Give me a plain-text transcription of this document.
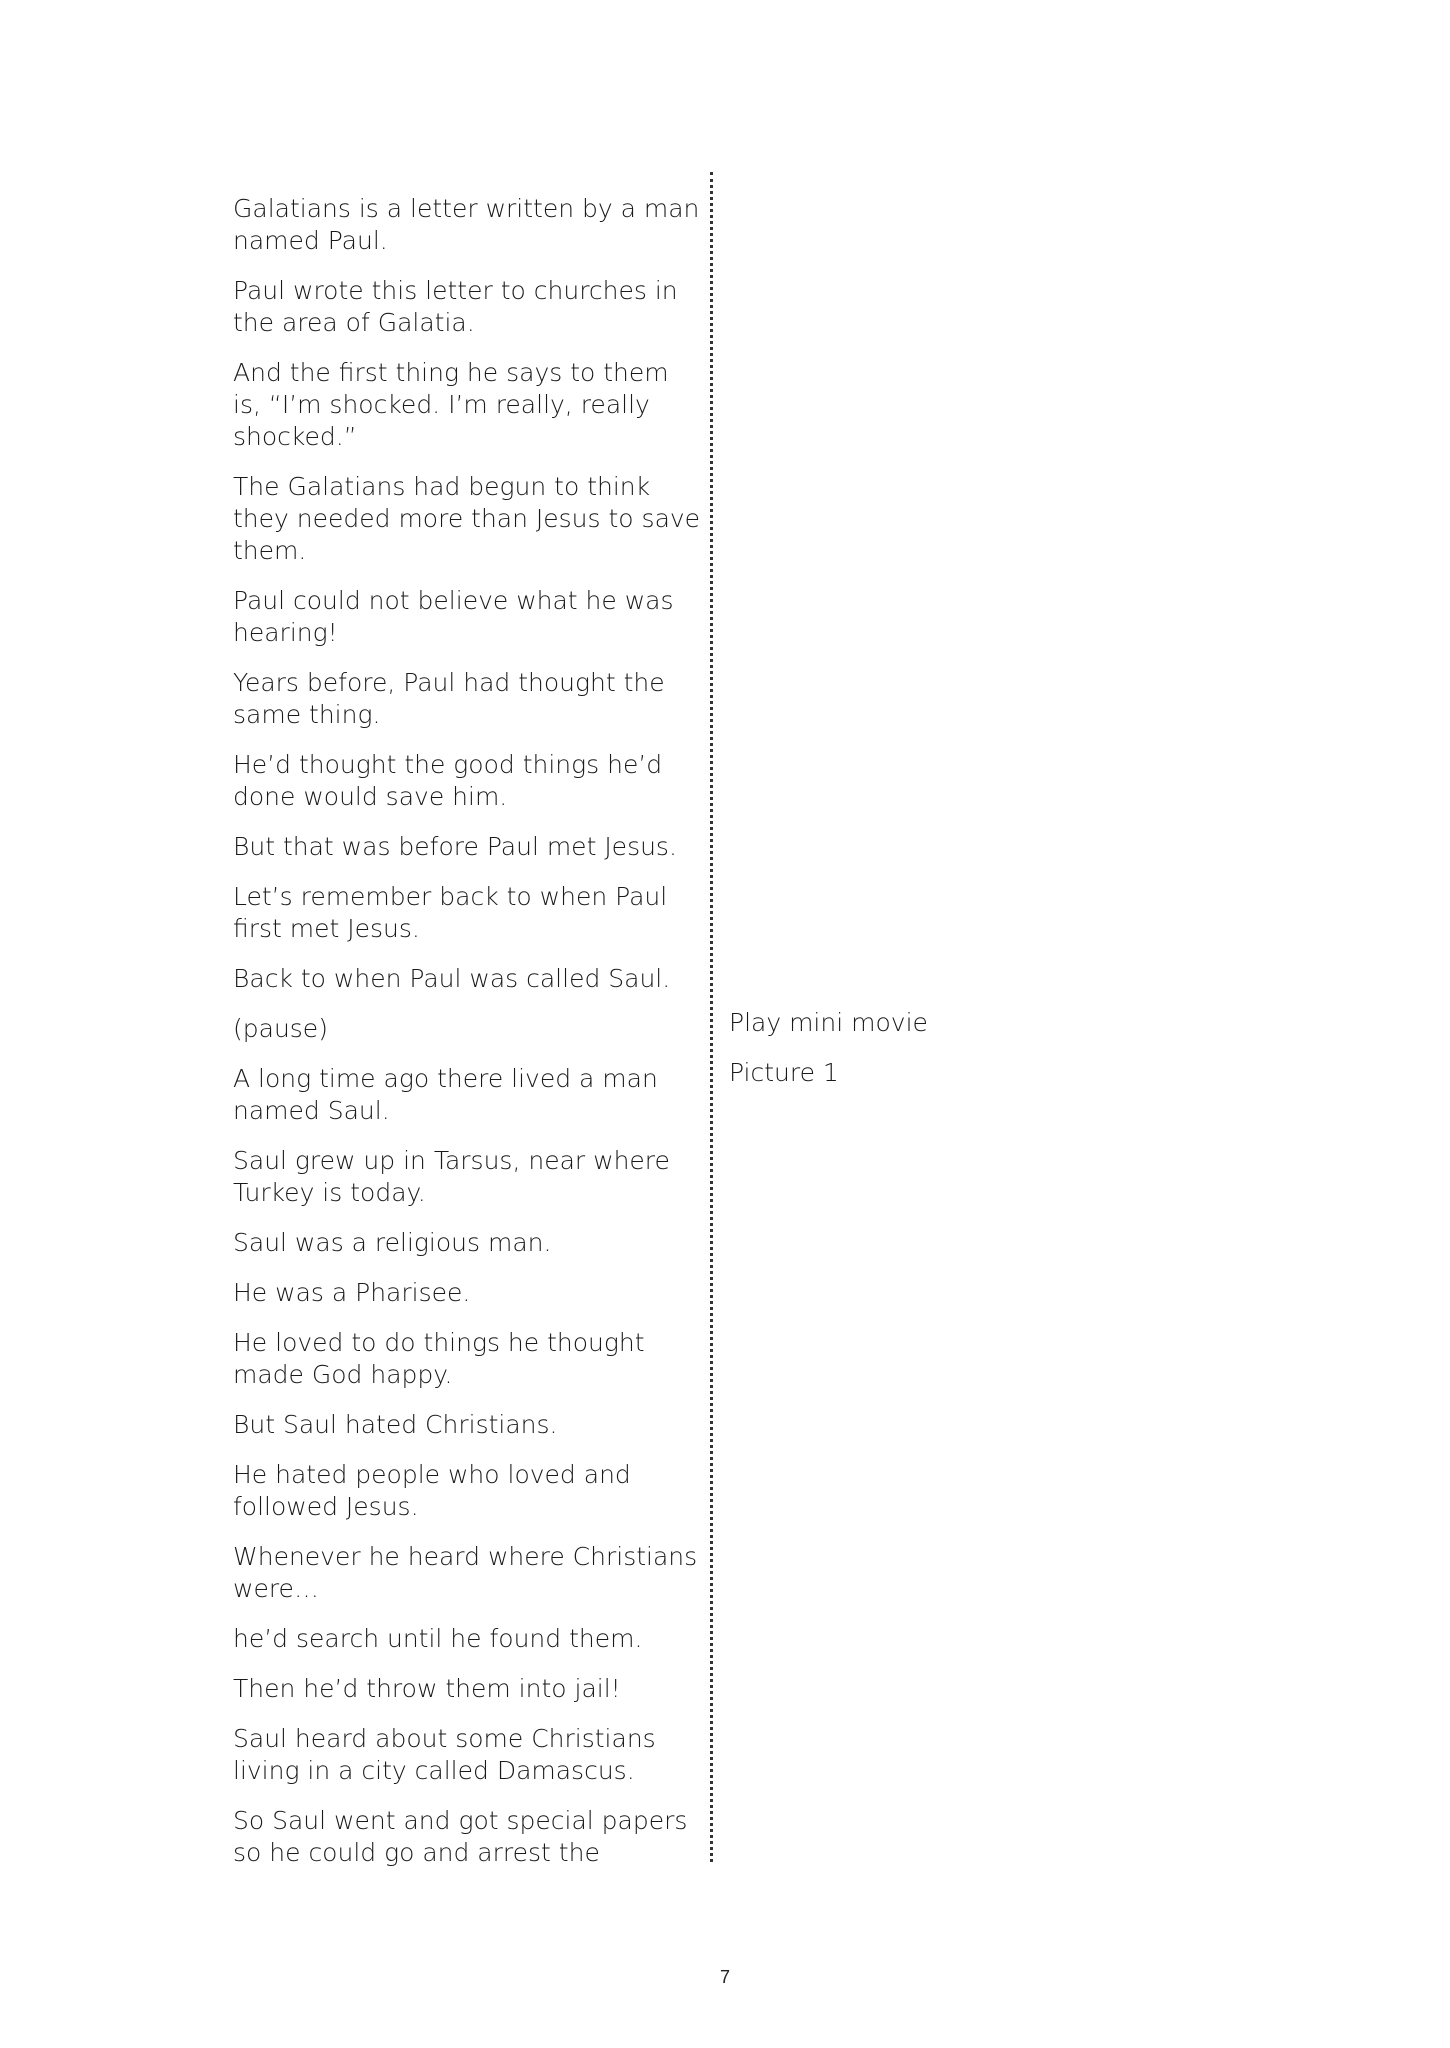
Galatians is a letter written by a man named Paul.

Paul wrote this letter to churches in the area of Galatia.

And the first thing he says to them is, “I’m shocked. I’m really, really shocked.”

The Galatians had begun to think they needed more than Jesus to save them.

Paul could not believe what he was hearing!

Years before, Paul had thought the same thing.

He’d thought the good things he’d done would save him.

But that was before Paul met Jesus.

Let’s remember back to when Paul first met Jesus.

Back to when Paul was called Saul.

(pause)

A long time ago there lived a man named Saul.

Saul grew up in Tarsus, near where Turkey is today.

Saul was a religious man.

He was a Pharisee.

He loved to do things he thought made God happy.

But Saul hated Christians.

He hated people who loved and followed Jesus.

Whenever he heard where Christians were…

he’d search until he found them.

Then he’d throw them into jail!

Saul heard about some Christians living in a city called Damascus.

So Saul went and got special papers so he could go and arrest the

Play mini movie
Picture 1
7
